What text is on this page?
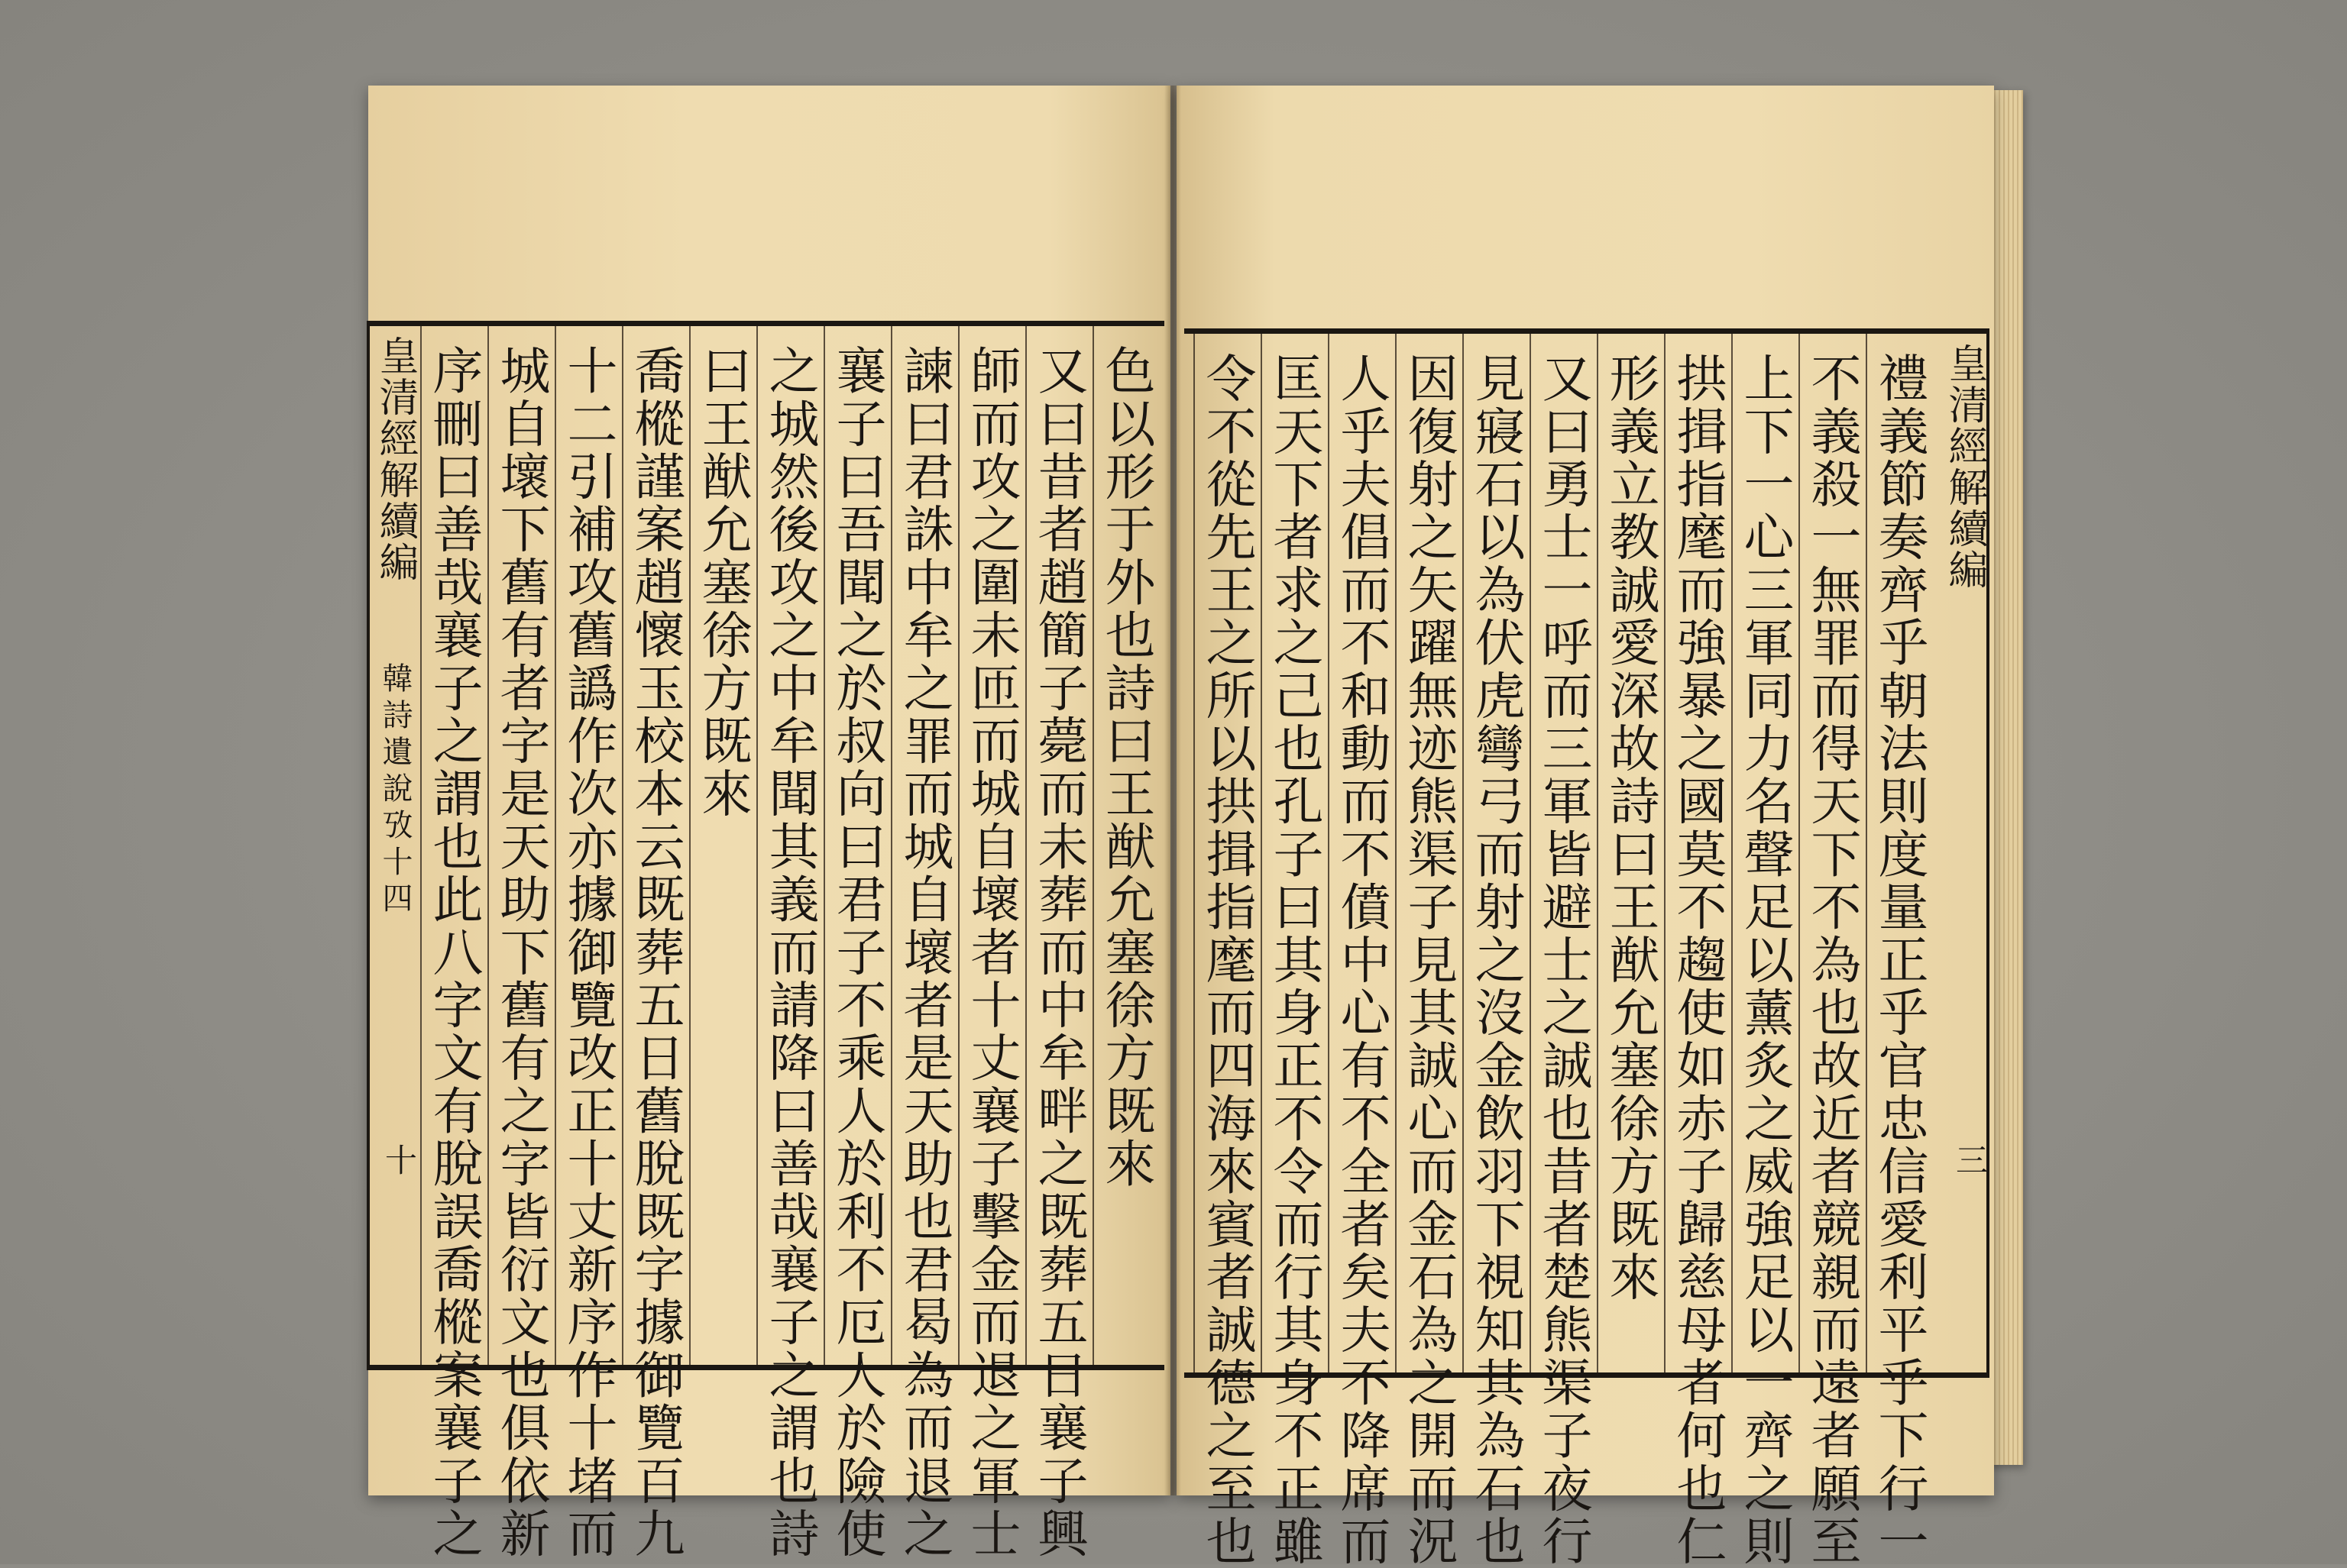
皇清經解續編
韓詩遺說攷十四
十	色以形于外也詩曰王猷允塞徐方既來
又曰昔者趙簡子薨而未葬而中牟畔之既葬五日襄子興
師而攻之圍未匝而城自壞者十丈襄子擊金而退之軍士
諫曰君誅中牟之罪而城自壞者是天助也君曷為而退之
襄子曰吾聞之於叔向曰君子不乘人於利不厄人於險使
之城然後攻之中牟聞其義而請降曰善哉襄子之謂也詩
曰王猷允塞徐方既來
喬樅謹案趙懷玉校本云既葬五日舊脫既字據御覽百九
十二引補攻舊譌作次亦據御覽改正十丈新序作十堵而
城自壞下舊有者字是天助下舊有之字皆衍文也俱依新
序刪曰善哉襄子之謂也此八字文有脫誤喬樅案襄子之	皇清經解續編
三
禮義節奏齊乎朝法則度量正乎官忠信愛利平乎下行一
不義殺一無罪而得天下不為也故近者競親而遠者願至
上下一心三軍同力名聲足以薰炙之威強足以一齊之則
拱揖指麾而強暴之國莫不趨使如赤子歸慈母者何也仁
形義立教誠愛深故詩曰王猷允塞徐方既來
又曰勇士一呼而三軍皆避士之誠也昔者楚熊渠子夜行
見寢石以為伏虎彎弓而射之沒金飲羽下視知其為石也
因復射之矢躍無迹熊渠子見其誠心而金石為之開而況
人乎夫倡而不和動而不僨中心有不全者矣夫不降席而
匡天下者求之己也孔子曰其身正不令而行其身不正雖
令不從先王之所以拱揖指麾而四海來賓者誠德之至也
